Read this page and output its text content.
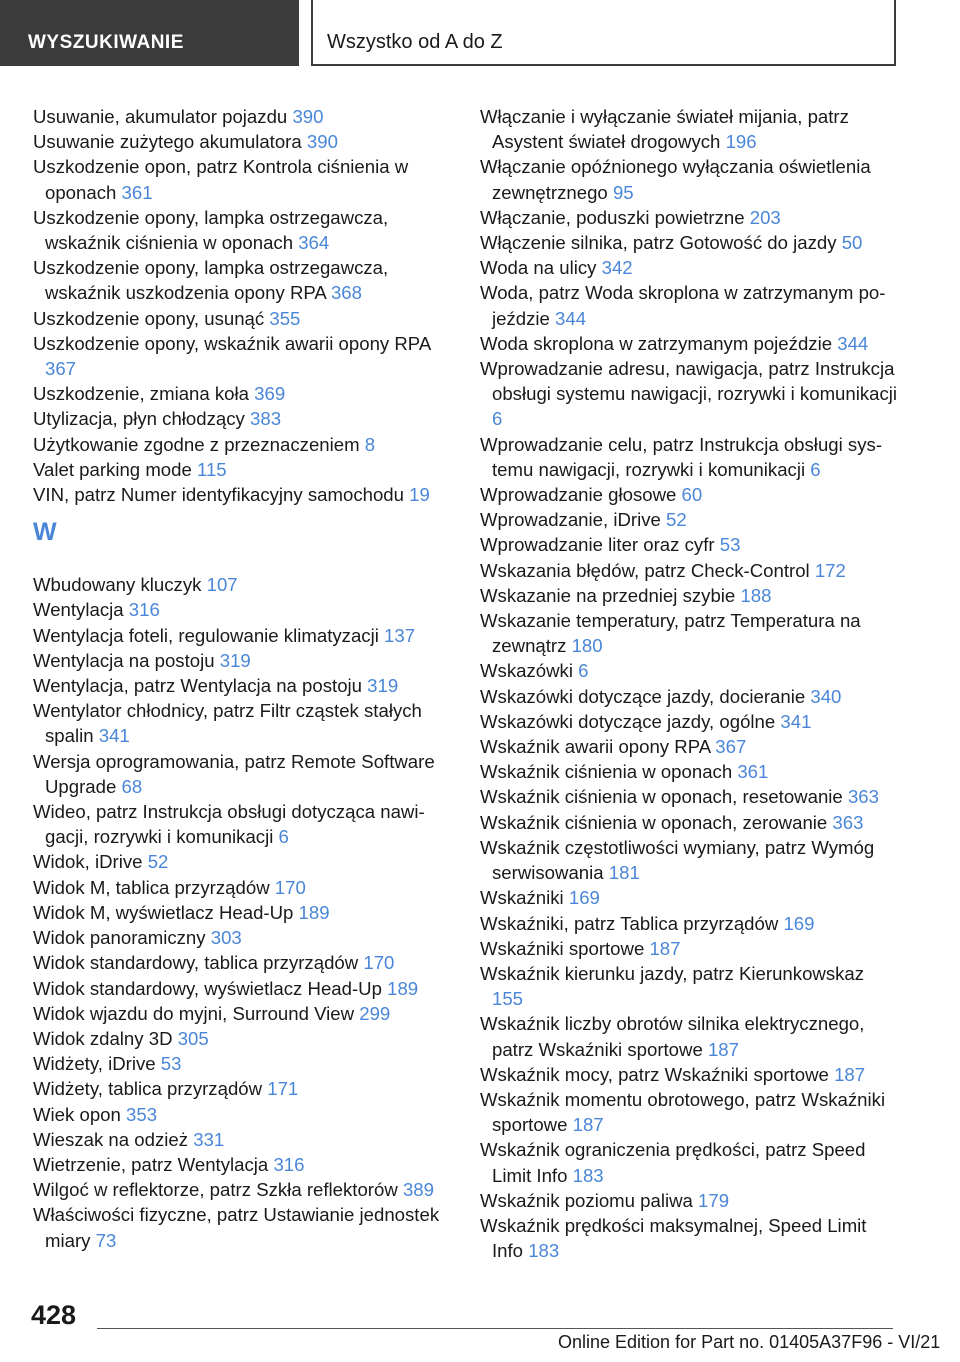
WYSZUKIWANIE	Wszystko od A do Z
Usuwanie, akumulator pojazdu 390
Usuwanie zużytego akumulatora 390
Uszkodzenie opon, patrz Kontrola ciśnienia w oponach 361
Uszkodzenie opony, lampka ostrzegawcza, wskaźnik ciśnienia w oponach 364
Uszkodzenie opony, lampka ostrzegawcza, wskaźnik uszkodzenia opony RPA 368
Uszkodzenie opony, usunąć 355
Uszkodzenie opony, wskaźnik awarii opony RPA 367
Uszkodzenie, zmiana koła 369
Utylizacja, płyn chłodzący 383
Użytkowanie zgodne z przeznaczeniem 8
Valet parking mode 115
VIN, patrz Numer identyfikacyjny samochodu 19
W
Wbudowany kluczyk 107
Wentylacja 316
Wentylacja foteli, regulowanie klimatyzacji 137
Wentylacja na postoju 319
Wentylacja, patrz Wentylacja na postoju 319
Wentylator chłodnicy, patrz Filtr cząstek stałych spalin 341
Wersja oprogramowania, patrz Remote Software Upgrade 68
Wideo, patrz Instrukcja obsługi dotycząca nawigacji, rozrywki i komunikacji 6
Widok, iDrive 52
Widok M, tablica przyrządów 170
Widok M, wyświetlacz Head-Up 189
Widok panoramiczny 303
Widok standardowy, tablica przyrządów 170
Widok standardowy, wyświetlacz Head-Up 189
Widok wjazdu do myjni, Surround View 299
Widok zdalny 3D 305
Widżety, iDrive 53
Widżety, tablica przyrządów 171
Wiek opon 353
Wieszak na odzież 331
Wietrzenie, patrz Wentylacja 316
Wilgoć w reflektorze, patrz Szkła reflektorów 389
Właściwości fizyczne, patrz Ustawianie jednostek miary 73
Włączanie i wyłączanie świateł mijania, patrz Asystent świateł drogowych 196
Włączanie opóźnionego wyłączania oświetlenia zewnętrznego 95
Włączanie, poduszki powietrzne 203
Włączenie silnika, patrz Gotowość do jazdy 50
Woda na ulicy 342
Woda, patrz Woda skroplona w zatrzymanym pojeździe 344
Woda skroplona w zatrzymanym pojeździe 344
Wprowadzanie adresu, nawigacja, patrz Instrukcja obsługi systemu nawigacji, rozrywki i komunikacji 6
Wprowadzanie celu, patrz Instrukcja obsługi systemu nawigacji, rozrywki i komunikacji 6
Wprowadzanie głosowe 60
Wprowadzanie, iDrive 52
Wprowadzanie liter oraz cyfr 53
Wskazania błędów, patrz Check-Control 172
Wskazanie na przedniej szybie 188
Wskazanie temperatury, patrz Temperatura na zewnątrz 180
Wskazówki 6
Wskazówki dotyczące jazdy, docieranie 340
Wskazówki dotyczące jazdy, ogólne 341
Wskaźnik awarii opony RPA 367
Wskaźnik ciśnienia w oponach 361
Wskaźnik ciśnienia w oponach, resetowanie 363
Wskaźnik ciśnienia w oponach, zerowanie 363
Wskaźnik częstotliwości wymiany, patrz Wymóg serwisowania 181
Wskaźniki 169
Wskaźniki, patrz Tablica przyrządów 169
Wskaźniki sportowe 187
Wskaźnik kierunku jazdy, patrz Kierunkowskaz 155
Wskaźnik liczby obrotów silnika elektrycznego, patrz Wskaźniki sportowe 187
Wskaźnik mocy, patrz Wskaźniki sportowe 187
Wskaźnik momentu obrotowego, patrz Wskaźniki sportowe 187
Wskaźnik ograniczenia prędkości, patrz Speed Limit Info 183
Wskaźnik poziomu paliwa 179
Wskaźnik prędkości maksymalnej, Speed Limit Info 183
428
Online Edition for Part no. 01405A37F96 - VI/21
